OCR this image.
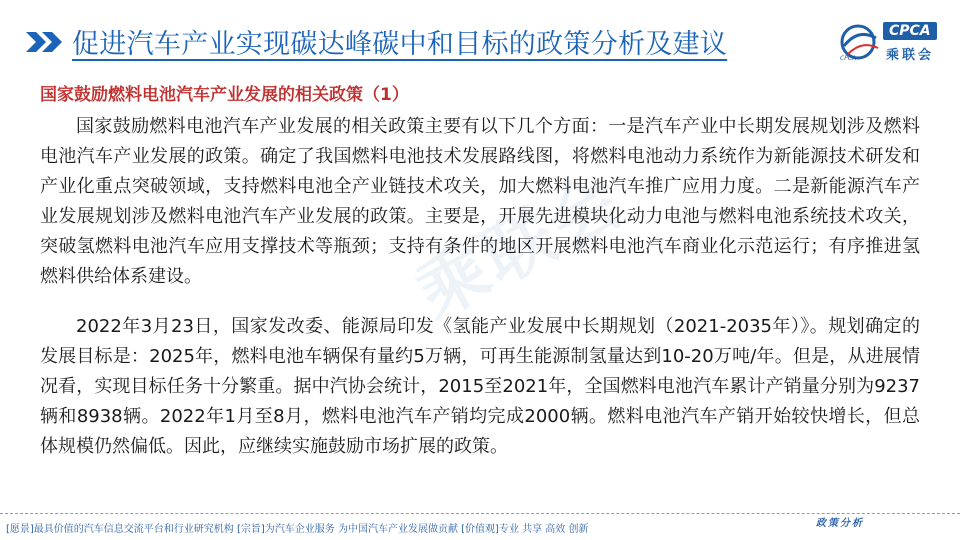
乘联会
促进汽车产业实现碳达峰碳中和目标的政策分析及建议	CPCA
乘联会
CPCA
国家鼓励燃料电池汽车产业发展的相关政策（1）
国家鼓励燃料电池汽车产业发展的相关政策主要有以下几个方面：一是汽车产业中长期发展规划涉及燃料电池汽车产业发展的政策。确定了我国燃料电池技术发展路线图，将燃料电池动力系统作为新能源技术研发和产业化重点突破领域，支持燃料电池全产业链技术攻关，加大燃料电池汽车推广应用力度。二是新能源汽车产业发展规划涉及燃料电池汽车产业发展的政策。主要是，开展先进模块化动力电池与燃料电池系统技术攻关，突破氢燃料电池汽车应用支撑技术等瓶颈；支持有条件的地区开展燃料电池汽车商业化示范运行；有序推进氢燃料供给体系建设。
2022年3月23日，国家发改委、能源局印发《氢能产业发展中长期规划（2021-2035年）》。规划确定的发展目标是：2025年，燃料电池车辆保有量约5万辆，可再生能源制氢量达到10-20万吨/年。但是，从进展情况看，实现目标任务十分繁重。据中汽协会统计，2015至2021年，全国燃料电池汽车累计产销量分别为9237辆和8938辆。2022年1月至8月，燃料电池汽车产销均完成2000辆。燃料电池汽车产销开始较快增长，但总体规模仍然偏低。因此，应继续实施鼓励市场扩展的政策。
[愿景]最具价值的汽车信息交流平台和行业研究机构 [宗旨]为汽车企业服务 为中国汽车产业发展做贡献 [价值观]专业 共享 高效 创新
政策分析
